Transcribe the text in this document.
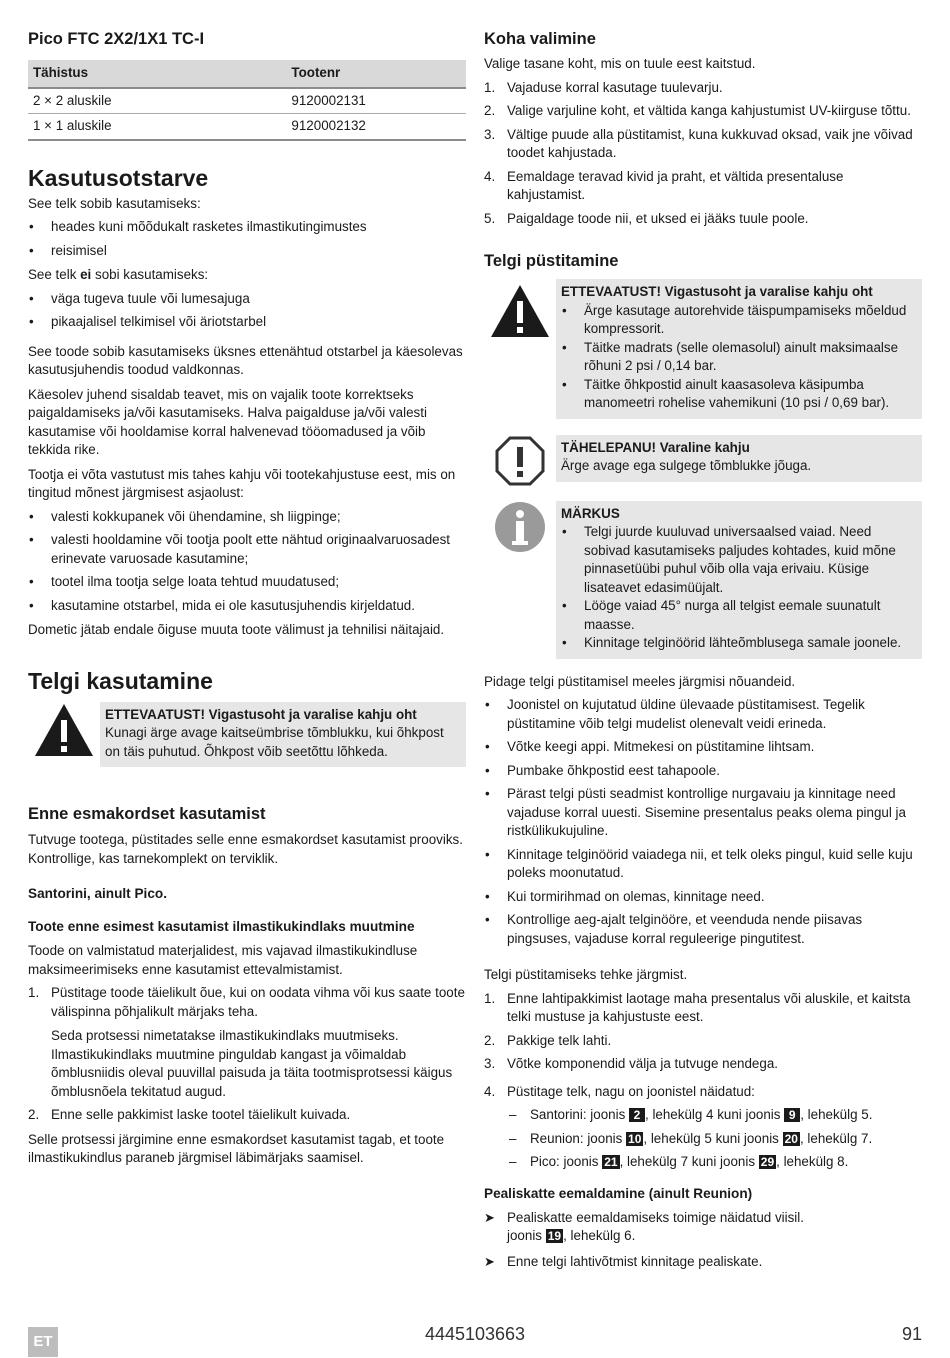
Pico FTC 2X2/1X1 TC-I
Tähistus	Tootenr
2 × 2 aluskile	9120002131
1 × 1 aluskile	9120002132
Kasutusotstarve

See telk sobib kasutamiseks:

• heades kuni mõõdukalt rasketes ilmastikutingimustes
• reisimisel

See telk ei sobi kasutamiseks:

• väga tugeva tuule või lumesajuga
• pikaajalisel telkimisel või äriotstarbel

See toode sobib kasutamiseks üksnes ettenähtud otstarbel ja käesolevas kasutusjuhendis toodud valdkonnas.

Käesolev juhend sisaldab teavet, mis on vajalik toote korrektseks paigaldamiseks ja/või kasutamiseks. Halva paigalduse ja/või valesti kasutamise või hooldamise korral halvenevad tööomadused ja võib tekkida rike.

Tootja ei võta vastutust mis tahes kahju või tootekahjustuse eest, mis on tingitud mõnest järgmisest asjaolust:

• valesti kokkupanek või ühendamine, sh liigpinge;
• valesti hooldamine või tootja poolt ette nähtud originaalvaruosadest erinevate varuosade kasutamine;
• tootel ilma tootja selge loata tehtud muudatused;
• kasutamine otstarbel, mida ei ole kasutusjuhendis kirjeldatud.

Dometic jätab endale õiguse muuta toote välimust ja tehnilisi näitajaid.

Telgi kasutamine
ETTEVAATUST! Vigastusoht ja varalise kahju oht
Kunagi ärge avage kaitseümbrise tõmblukku, kui õhkpost on täis puhutud. Õhkpost võib seetõttu lõhkeda.
Enne esmakordset kasutamist

Tutvuge tootega, püstitades selle enne esmakordset kasutamist prooviks. Kontrollige, kas tarnekomplekt on terviklik.

Santorini, ainult Pico.
Toote enne esimest kasutamist ilmastikukindlaks muutmine

Toode on valmistatud materjalidest, mis vajavad ilmastikukindluse maksimeerimiseks enne kasutamist ettevalmistamist.

1. Püstitage toode täielikult õue, kui on oodata vihma või kus saate toote välispinna põhjalikult märjaks teha.
Seda protsessi nimetatakse ilmastikukindlaks muutmiseks. Ilmastikukindlaks muutmine pinguldab kangast ja võimaldab õmblusniidis oleval puuvillal paisuda ja täita tootmisprotsessi käigus õmblusnõela tekitatud augud.
2. Enne selle pakkimist laske tootel täielikult kuivada.

Selle protsessi järgimine enne esmakordset kasutamist tagab, et toote ilmastikukindlus paraneb järgmisel läbimärjaks saamisel.

Koha valimine

Valige tasane koht, mis on tuule eest kaitstud.

1. Vajaduse korral kasutage tuulevarju.
2. Valige varjuline koht, et vältida kanga kahjustumist UV-kiirguse tõttu.
3. Vältige puude alla püstitamist, kuna kukkuvad oksad, vaik jne võivad toodet kahjustada.
4. Eemaldage teravad kivid ja praht, et vältida presentaluse kahjustamist.
5. Paigaldage toode nii, et uksed ei jääks tuule poole.
Telgi püstitamine
ETTEVAATUST! Vigastusoht ja varalise kahju oht
• Ärge kasutage autorehvide täispumpamiseks mõeldud kompressorit.
• Täitke madrats (selle olemasolul) ainult maksimaalse rõhuni 2 psi / 0,14 bar.
• Täitke õhkpostid ainult kaasasoleva käsipumba manomeetri rohelise vahemikuni (10 psi / 0,69 bar).
TÄHELEPANU! Varaline kahju
Ärge avage ega sulgege tõmblukke jõuga.
MÄRKUS
• Telgi juurde kuuluvad universaalsed vaiad. Need sobivad kasutamiseks paljudes kohtades, kuid mõne pinnasetüübi puhul võib olla vaja erivaiu. Küsige lisateavet edasimüüjalt.
• Lööge vaiad 45° nurga all telgist eemale suunatult maasse.
• Kinnitage telginöörid lähteõmblusega samale joonele.

Pidage telgi püstitamisel meeles järgmisi nõuandeid.

• Joonistel on kujutatud üldine ülevaade püstitamisest. Tegelik püstitamine võib telgi mudelist olenevalt veidi erineda.
• Võtke keegi appi. Mitmekesi on püstitamine lihtsam.
• Pumbake õhkpostid eest tahapoole.
• Pärast telgi püsti seadmist kontrollige nurgavaiu ja kinnitage need vajaduse korral uuesti. Sisemine presentalus peaks olema pingul ja ristkülikukujuline.
• Kinnitage telginöörid vaiadega nii, et telk oleks pingul, kuid selle kuju poleks moonutatud.
• Kui tormirihmad on olemas, kinnitage need.
• Kontrollige aeg-ajalt telginööre, et veenduda nende piisavas pingsuses, vajaduse korral reguleerige pingutitest.

Telgi püstitamiseks tehke järgmist.

1. Enne lahtipakkimist laotage maha presentalus või aluskile, et kaitsta telki mustuse ja kahjustuste eest.
2. Pakkige telk lahti.
3. Võtke komponendid välja ja tutvuge nendega.
4. Püstitage telk, nagu on joonistel näidatud:
– Santorini: joonis 2 , lehekülg 4 kuni joonis 9 , lehekülg 5.
– Reunion: joonis 10 , lehekülg 5 kuni joonis 20 , lehekülg 7.
– Pico: joonis 21 , lehekülg 7 kuni joonis 29 , lehekülg 8.
Pealiskatte eemaldamine (ainult Reunion)
➤ Pealiskatte eemaldamiseks toimige näidatud viisil.
joonis 19 , lehekülg 6.
➤ Enne telgi lahtivõtmist kinnitage pealiskate.
ET	4445103663	91
